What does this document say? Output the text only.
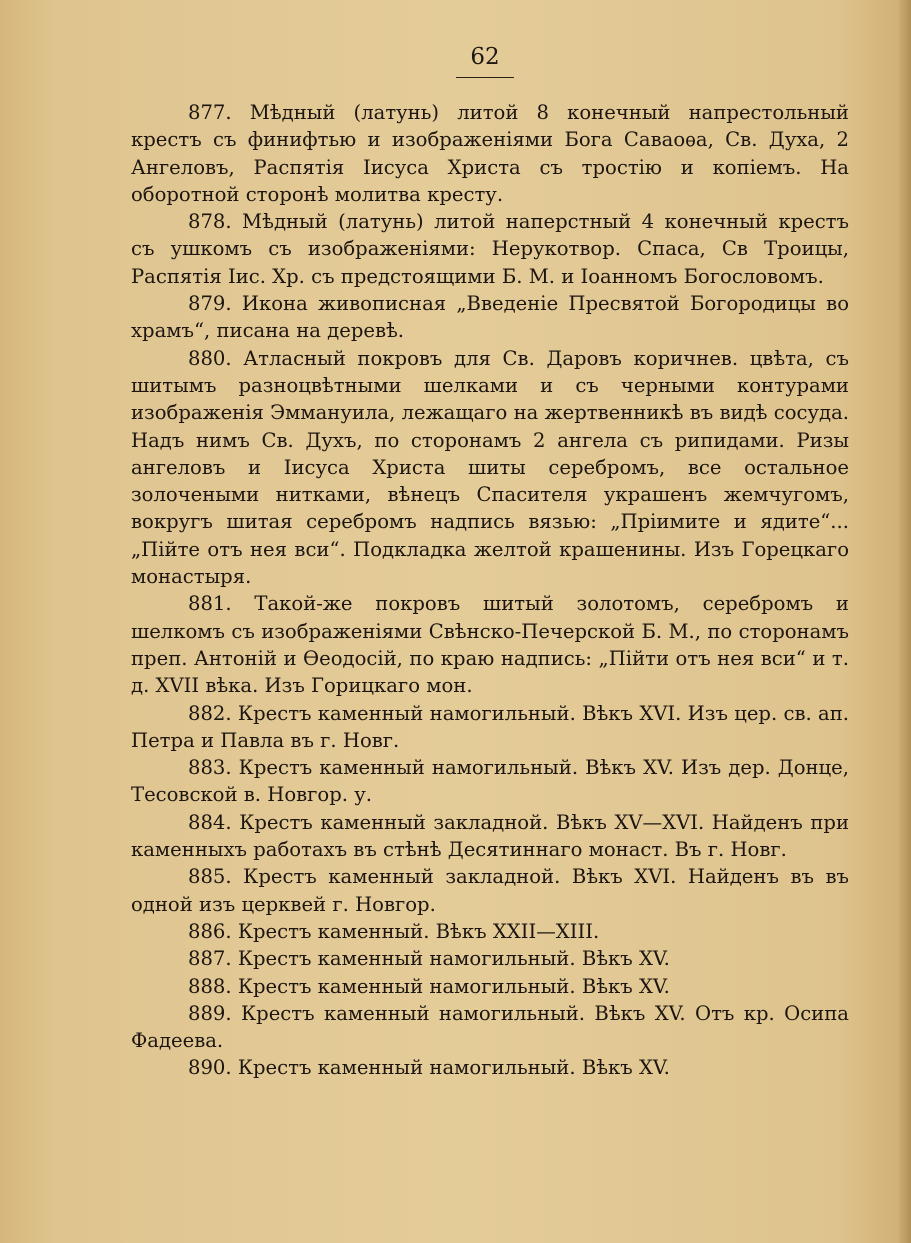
62

877. Мѣдный (латунь) литой 8 конечный напрестольный крестъ съ финифтью и изображеніями Бога Саваоѳа, Св. Духа, 2 Ангеловъ, Распятія Іисуса Христа съ тростію и копіемъ. На оборотной сторонѣ молитва кресту.

878. Мѣдный (латунь) литой наперстный 4 конечный крестъ съ ушкомъ съ изображеніями: Нерукотвор. Спаса, Св Троицы, Распятія Іис. Хр. съ предстоящими Б. М. и Іоанномъ Богословомъ.

879. Икона живописная „Введеніе Пресвятой Богородицы во храмъ“, писана на деревѣ.

880. Атласный покровъ для Св. Даровъ коричнев. цвѣта, съ шитымъ разноцвѣтными шелками и съ черными контурами изображенія Эммануила, лежащаго на жертвенникѣ въ видѣ сосуда. Надъ нимъ Св. Духъ, по сторонамъ 2 ангела съ рипидами. Ризы ангеловъ и Іисуса Христа шиты серебромъ, все остальное золочеными нитками, вѣнецъ Спасителя украшенъ жемчугомъ, вокругъ шитая серебромъ надпись вязью: „Пріимите и ядите“... „Пійте отъ нея вси“. Подкладка желтой крашенины. Изъ Горецкаго монастыря.

881. Такой-же покровъ шитый золотомъ, серебромъ и шелкомъ съ изображеніями Свѣнско-Печерской Б. М., по сторонамъ преп. Антоній и Ѳеодосій, по краю надпись: „Пійти отъ нея вси“ и т. д. XVII вѣка. Изъ Горицкаго мон.

882. Крестъ каменный намогильный. Вѣкъ XVI. Изъ цер. св. ап. Петра и Павла въ г. Новг.

883. Крестъ каменный намогильный. Вѣкъ XV. Изъ дер. Донце, Тесовской в. Новгор. у.

884. Крестъ каменный закладной. Вѣкъ XV—XVI. Найденъ при каменныхъ работахъ въ стѣнѣ Десятиннаго монаст. Въ г. Новг.

885. Крестъ каменный закладной. Вѣкъ XVI. Найденъ въ въ одной изъ церквей г. Новгор.

886. Крестъ каменный. Вѣкъ XXII—XIII.

887. Крестъ каменный намогильный. Вѣкъ XV.

888. Крестъ каменный намогильный. Вѣкъ XV.

889. Крестъ каменный намогильный. Вѣкъ XV. Отъ кр. Осипа Фадеева.

890. Крестъ каменный намогильный. Вѣкъ XV.
